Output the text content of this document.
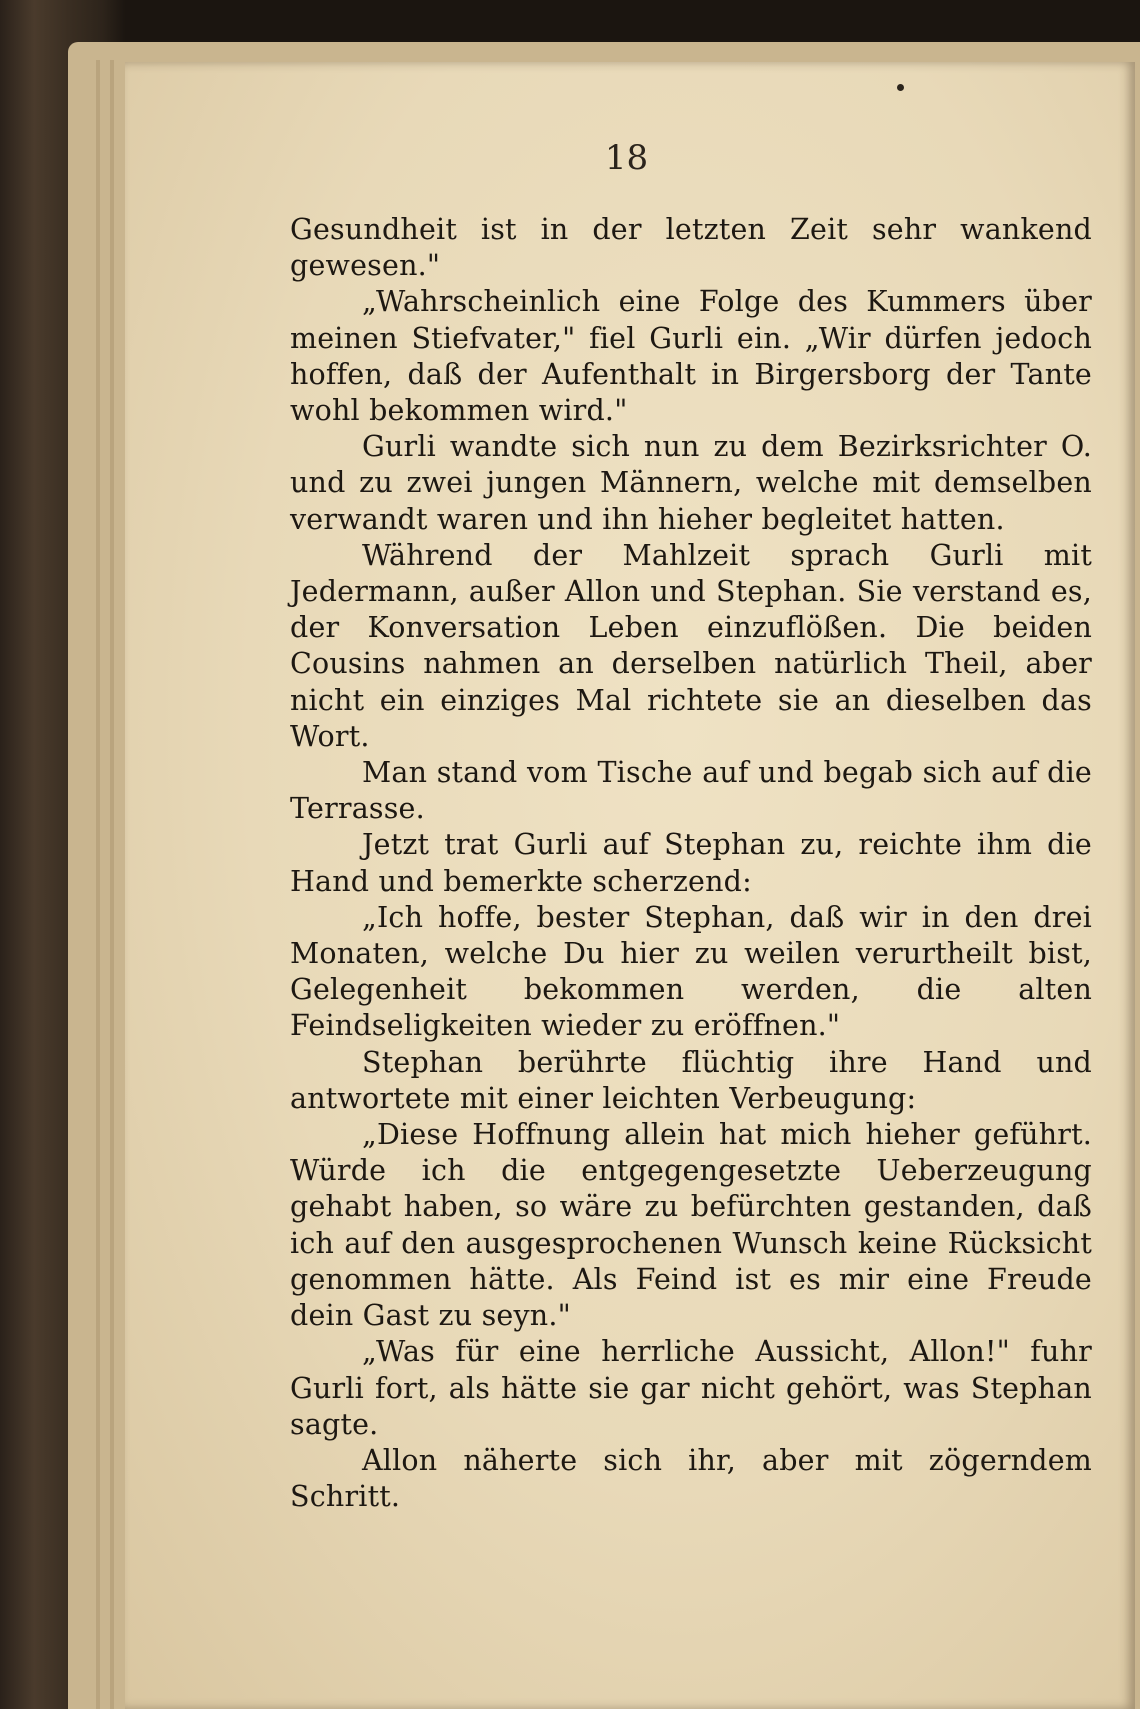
18

Gesundheit ist in der letzten Zeit sehr wankend gewesen."

„Wahrscheinlich eine Folge des Kummers über meinen Stiefvater," fiel Gurli ein. „Wir dürfen jedoch hoffen, daß der Aufenthalt in Birgersborg der Tante wohl bekommen wird."

Gurli wandte sich nun zu dem Bezirksrichter O. und zu zwei jungen Männern, welche mit demselben verwandt waren und ihn hieher begleitet hatten.

Während der Mahlzeit sprach Gurli mit Jedermann, außer Allon und Stephan. Sie verstand es, der Konversation Leben einzuflößen. Die beiden Cousins nahmen an derselben natürlich Theil, aber nicht ein einziges Mal richtete sie an dieselben das Wort.

Man stand vom Tische auf und begab sich auf die Terrasse.

Jetzt trat Gurli auf Stephan zu, reichte ihm die Hand und bemerkte scherzend:

„Ich hoffe, bester Stephan, daß wir in den drei Monaten, welche Du hier zu weilen verurtheilt bist, Gelegenheit bekommen werden, die alten Feindseligkeiten wieder zu eröffnen."

Stephan berührte flüchtig ihre Hand und antwortete mit einer leichten Verbeugung:

„Diese Hoffnung allein hat mich hieher geführt. Würde ich die entgegengesetzte Ueberzeugung gehabt haben, so wäre zu befürchten gestanden, daß ich auf den ausgesprochenen Wunsch keine Rücksicht genommen hätte. Als Feind ist es mir eine Freude dein Gast zu seyn."

„Was für eine herrliche Aussicht, Allon!" fuhr Gurli fort, als hätte sie gar nicht gehört, was Stephan sagte.

Allon näherte sich ihr, aber mit zögerndem Schritt.
